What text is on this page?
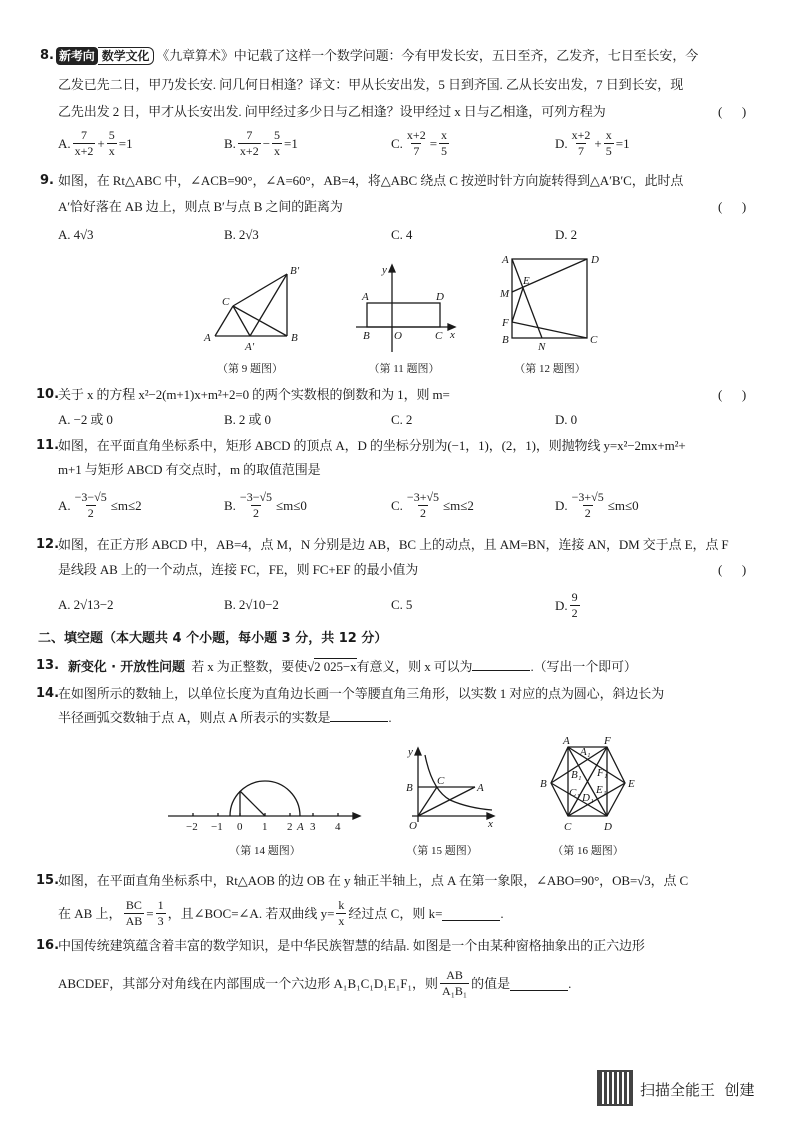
8. 新考向 数学文化 《九章算术》中记载了这样一个数学问题：今有甲发长安，五日至齐，乙发齐，七日至长安，今
乙发已先二日，甲乃发长安. 问几何日相逢？译文：甲从长安出发，5 日到齐国. 乙从长安出发，7 日到长安，现
乙先出发 2 日，甲才从长安出发. 问甲经过多少日与乙相逢？设甲经过 x 日与乙相逢，可列方程为	(      )
A. $\frac{7}{x+2} + \frac{5}{x} =1$	B. $\frac{7}{x+2} - \frac{5}{x} =1$	C. $\frac{x+2}{7} = \frac{x}{5}$	D. $\frac{x+2}{7} + \frac{x}{5} =1$
9. 如图，在 Rt△ABC 中，∠ACB=90°，∠A=60°，AB=4，将△ABC 绕点 C 按逆时针方向旋转得到△A′B′C，此时点
A′恰好落在 AB 边上，则点 B′与点 B 之间的距离为	(      )
A. 4√3	B. 2√3	C. 4	D. 2
A	B
C
A′
B′	y
A	D
B O	C x
A	D
E
M
F
B
N
C
−2 −1 0 1 2 A 3 4
y
B
C
A
O	x
A
A₁
F
B
B₁ F₁
E
C₁ D₁
E₁
C	D
（第 9 题图）	（第 11 题图）	（第 12 题图）
10.
关于 x 的方程 x²−2(m+1)x+m²+2=0 的两个实数根的倒数和为 1，则 m=	(      )
A. −2 或 0	B. 2 或 0	C. 2	D. 0
11.
如图，在平面直角坐标系中，矩形 ABCD 的顶点 A，D 的坐标分别为(−1，1)，(2，1)，则抛物线 y=x²−2mx+m²+
m+1 与矩形 ABCD 有交点时，m 的取值范围是
A. $\frac{-3-√5}{2} \le m\le 2$	B. $\frac{-3-√5}{2} \le m\le 0$	C. $\frac{-3+√5}{2} \le m\le 2$	D. $\frac{-3+√5}{2} \le m\le 0$
12.
如图，在正方形 ABCD 中，AB=4，点 M，N 分别是边 AB，BC 上的动点，且 AM=BN，连接 AN，DM 交于点 E，点 F
是线段 AB 上的一个动点，连接 FC，FE，则 FC+EF 的最小值为	(      )
A. 2√13−2	B. 2√10−2	C. 5	D. $\frac{9}{2}$
二、填空题（本大题共 4 个小题，每小题 3 分，共 12 分）
13. 新变化 · 开放性问题 若 x 为正整数，要使√2 025−x有意义，则 x 可以为	.（写出一个即可）
14.
在如图所示的数轴上，以单位长度为直角边长画一个等腰直角三角形，以实数 1 对应的点为圆心，斜边长为
半径画弧交数轴于点 A，则点 A 所表示的实数是	.
（第 14 题图）	（第 15 题图）	（第 16 题图）
15.
如图，在平面直角坐标系中，Rt△AOB 的边 OB 在 y 轴正半轴上，点 A 在第一象限，∠ABO=90°，OB=√3，点 C
在 AB 上， $\frac{BC}{AB} = \frac{1}{3}$ ，且∠BOC=∠A. 若双曲线 $y= \frac{k}{x}$ 经过点 C，则 k=	.
16.
中国传统建筑蕴含着丰富的数学知识，是中华民族智慧的结晶. 如图是一个由某种窗格抽象出的正六边形
ABCDEF，其部分对角线在内部围成一个六边形 A₁B₁C₁D₁E₁F₁，则 $\frac{AB}{\text{A₁B₁}}$ 的值是	.
扫描全能王  创建
